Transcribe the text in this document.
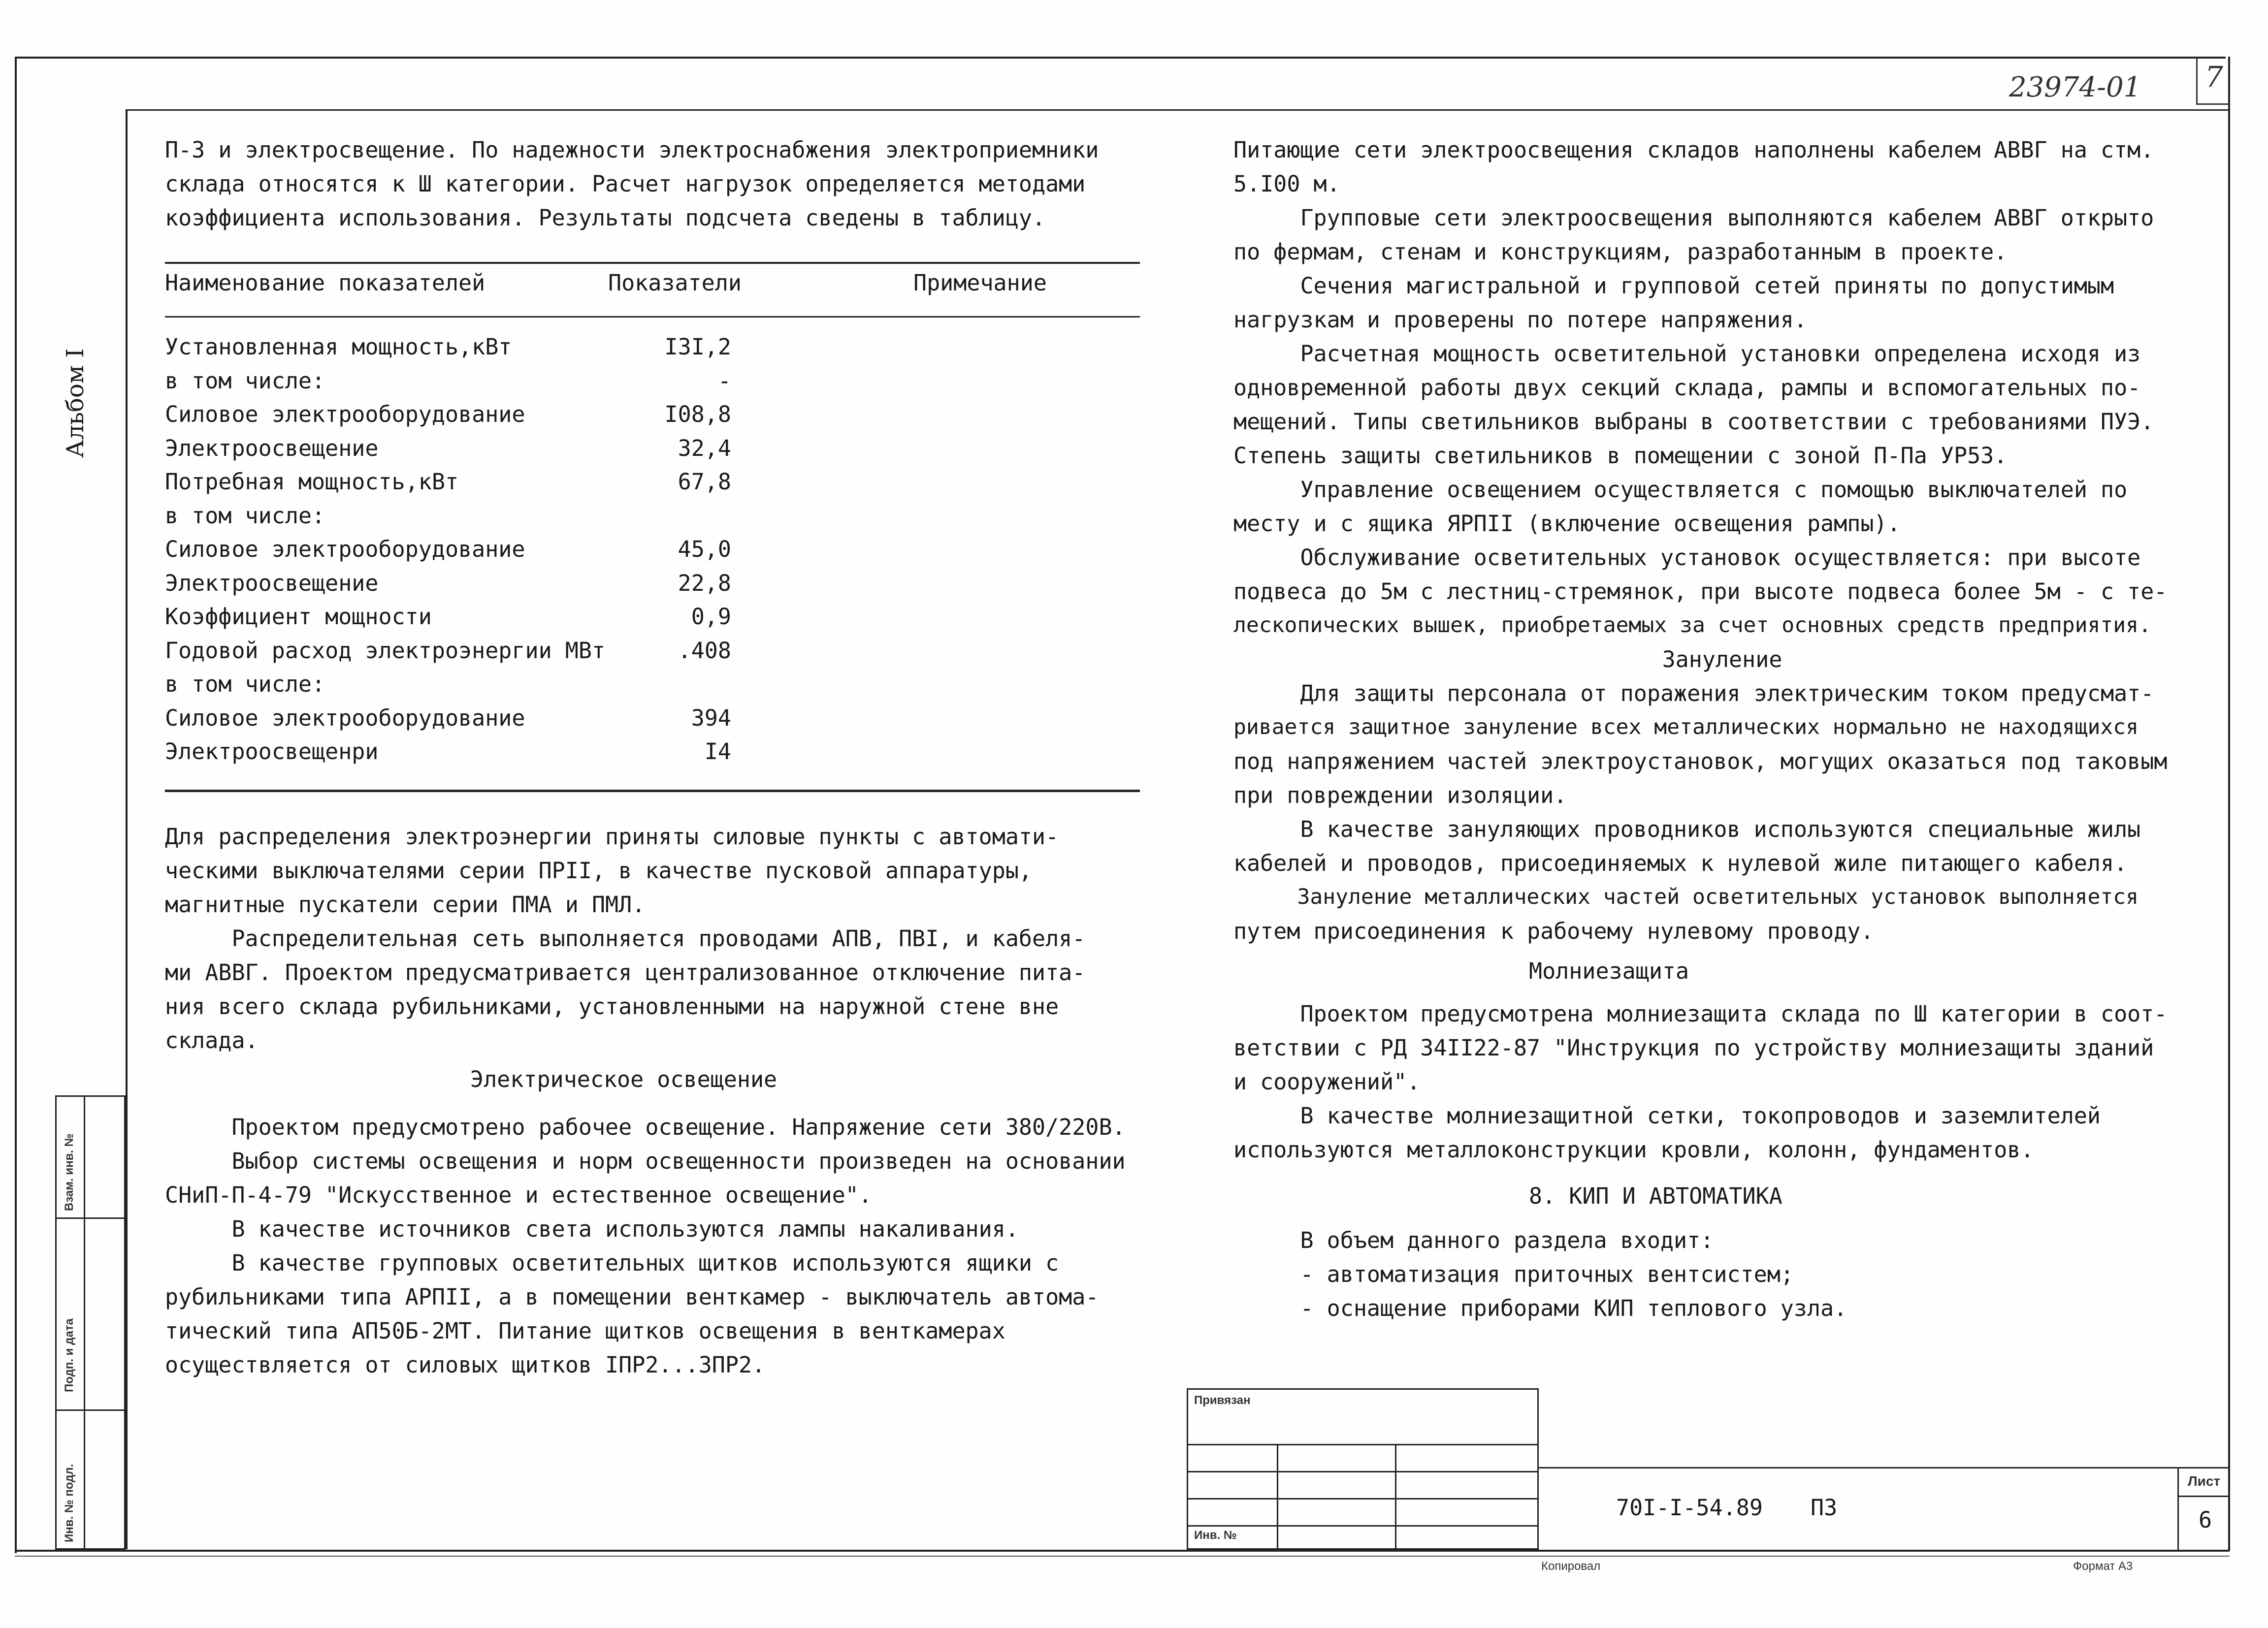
23974-01 7
Альбом I
Взам. инв. №
Подп. и дата
Инв. № подл.

П-3 и электросвещение. По надежности электроснабжения электроприемники

склада относятся к Ш категории. Расчет нагрузок определяется методами

коэффициента использования. Результаты подсчета сведены в таблицу.

Наименование показателей	Показатели	Примечание
Установленная мощность,кВт	I3I,2
в том числе:	-
Силовое электрооборудование	I08,8
Электроосвещение	32,4
Потребная мощность,кВт	67,8
в том числе:
Силовое электрооборудование	45,0
Электроосвещение	22,8
Коэффициент мощности	0,9
Годовой расход электроэнергии МВт	.408
в том числе:
Силовое электрооборудование	394
Электроосвещенри	I4

Для распределения электроэнергии приняты силовые пункты с автомати-

ческими выключателями серии ПРII, в качестве пусковой аппаратуры,

магнитные пускатели серии ПМА и ПМЛ.

Распределительная сеть выполняется проводами АПВ, ПВI, и кабеля-

ми АВВГ. Проектом предусматривается централизованное отключение пита-

ния всего склада рубильниками, установленными на наружной стене вне

склада.

Электрическое освещение

Проектом предусмотрено рабочее освещение. Напряжение сети 380/220В.

Выбор системы освещения и норм освещенности произведен на основании

СНиП-П-4-79 "Искусственное и естественное освещение".

В качестве источников света используются лампы накаливания.

В качестве групповых осветительных щитков используются ящики с

рубильниками типа АРПII, а в помещении венткамер - выключатель автома-

тический типа АП50Б-2МТ. Питание щитков освещения в венткамерах

осуществляется от силовых щитков IПР2...3ПР2.

Питающие сети электроосвещения складов наполнены кабелем АВВГ на стм.

5.I00 м.

Групповые сети электроосвещения выполняются кабелем АВВГ открыто

по фермам, стенам и конструкциям, разработанным в проекте.

Сечения магистральной и групповой сетей приняты по допустимым

нагрузкам и проверены по потере напряжения.

Расчетная мощность осветительной установки определена исходя из

одновременной работы двух секций склада, рампы и вспомогательных по-

мещений. Типы светильников выбраны в соответствии с требованиями ПУЭ.

Степень защиты светильников в помещении с зоной П-Па УР53.

Управление освещением осуществляется с помощью выключателей по

месту и с ящика ЯРПII (включение освещения рампы).

Обслуживание осветительных установок осуществляется: при высоте

подвеса до 5м с лестниц-стремянок, при высоте подвеса более 5м - с те-

лескопических вышек, приобретаемых за счет основных средств предприятия.

Зануление

Для защиты персонала от поражения электрическим током предусмат-

ривается защитное зануление всех металлических нормально не находящихся

под напряжением частей электроустановок, могущих оказаться под таковым

при повреждении изоляции.

В качестве зануляющих проводников используются специальные жилы

кабелей и проводов, присоединяемых к нулевой жиле питающего кабеля.

Зануление металлических частей осветительных установок выполняется

путем присоединения к рабочему нулевому проводу.

Молниезащита

Проектом предусмотрена молниезащита склада по Ш категории в соот-

ветствии с РД 34II22-87 "Инструкция по устройству молниезащиты зданий

и сооружений".

В качестве молниезащитной сетки, токопроводов и заземлителей

используются металлоконструкции кровли, колонн, фундаментов.

8. КИП И АВТОМАТИКА

В объем данного раздела входит:

- автоматизация приточных вентсистем;

- оснащение приборами КИП теплового узла.

Привязан
Инв. №
70I-I-54.89 ПЗ
Лист
6
Копировал	Формат А3
